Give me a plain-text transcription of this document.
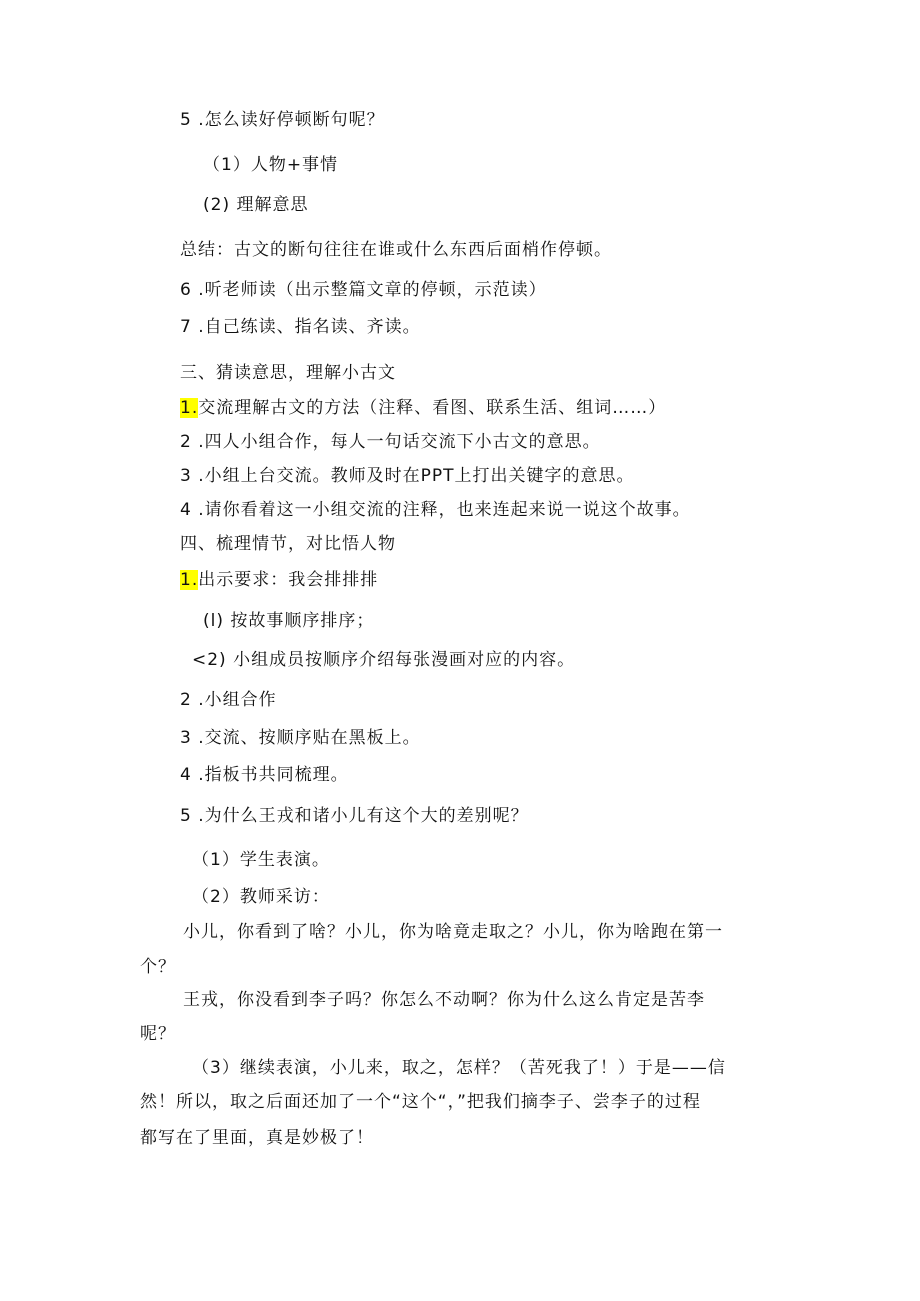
5 .怎么读好停顿断句呢？
（1）人物+事情
(2) 理解意思
总结：古文的断句往往在谁或什么东西后面梢作停顿。
6 .听老师读（出示整篇文章的停顿，示范读）
7 .自己练读、指名读、齐读。
三、猜读意思，理解小古文
1.交流理解古文的方法（注释、看图、联系生活、组词……）
2 .四人小组合作，每人一句话交流下小古文的意思。
3 .小组上台交流。教师及时在PPT上打出关键字的意思。
4 .请你看着这一小组交流的注释，也来连起来说一说这个故事。
四、梳理情节，对比悟人物
1.出示要求：我会排排排
(l) 按故事顺序排序；
<2) 小组成员按顺序介绍每张漫画对应的内容。
2 .小组合作
3 .交流、按顺序贴在黑板上。
4 .指板书共同梳理。
5 .为什么王戎和诸小儿有这个大的差别呢？
（1）学生表演。
（2）教师采访：
小儿，你看到了啥？小儿，你为啥竟走取之？小儿，你为啥跑在第一
个？
王戎，你没看到李子吗？你怎么不动啊？你为什么这么肯定是苦李
呢？
（3）继续表演，小儿来，取之，怎样？（苦死我了！）于是——信
然！所以，取之后面还加了一个“这个“，”把我们摘李子、尝李子的过程
都写在了里面，真是妙极了！
